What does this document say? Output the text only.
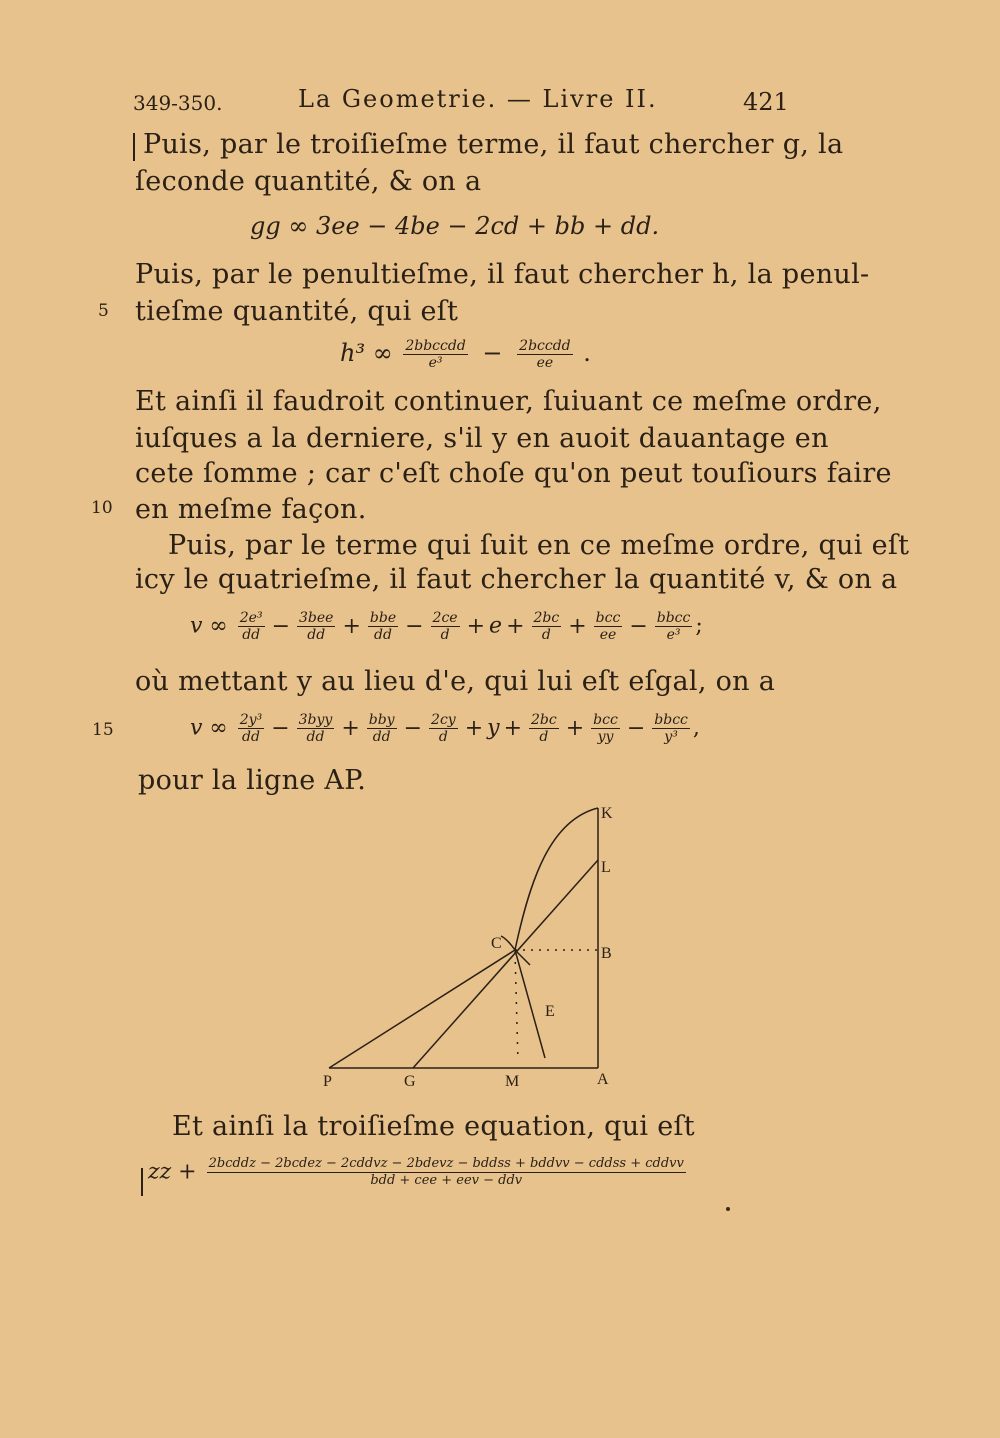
349-350.	La Geometrie. — Livre II.	421
5
10
15
Puis, par le troiſieſme terme, il faut chercher g, la
ſeconde quantité, & on a
gg ∞ 3ee − 4be − 2cd + bb + dd.
Puis, par le penultieſme, il faut chercher h, la penul-
tieſme quantité, qui eſt
h³ ∞ $\frac{\text{2bbccdd}}{\text{e³}} - \frac{\text{2bccdd}}{ee}$ .
Et ainſi il faudroit continuer, ſuiuant ce meſme ordre,
iuſques a la derniere, s'il y en auoit dauantage en
cete ſomme ; car c'eſt choſe qu'on peut touſiours faire
en meſme façon.
Puis, par le terme qui ſuit en ce meſme ordre, qui eſt
icy le quatrieſme, il faut chercher la quantité v, & on a
v ∞ $\frac{\text{2e³}}{dd} - \frac{\text{3bee}}{dd} + \frac{\text{bbe}}{dd} - \frac{2ce}{d} + e + \frac{2bc}{d} + \frac{\text{bcc}}{ee} - \frac{\text{bbcc}}{\text{e³}}$ ;
où mettant y au lieu d'e, qui lui eſt eſgal, on a
v ∞ $\frac{\text{2y³}}{dd} - \frac{\text{3byy}}{dd} + \frac{\text{bby}}{dd} - \frac{2cy}{d} + y + \frac{2bc}{d} + \frac{\text{bcc}}{yy} - \frac{\text{bbcc}}{\text{y³}}$ ,
pour la ligne AP.
K
L
C
B
E
P	G	M	A
Et ainſi la troiſieſme equation, qui eſt
zz + 2bcddz − 2bcdez − 2cddvz − 2bdevz − bddss + bddvv − cddss + cddvv
bdd + cee + eev − ddv
